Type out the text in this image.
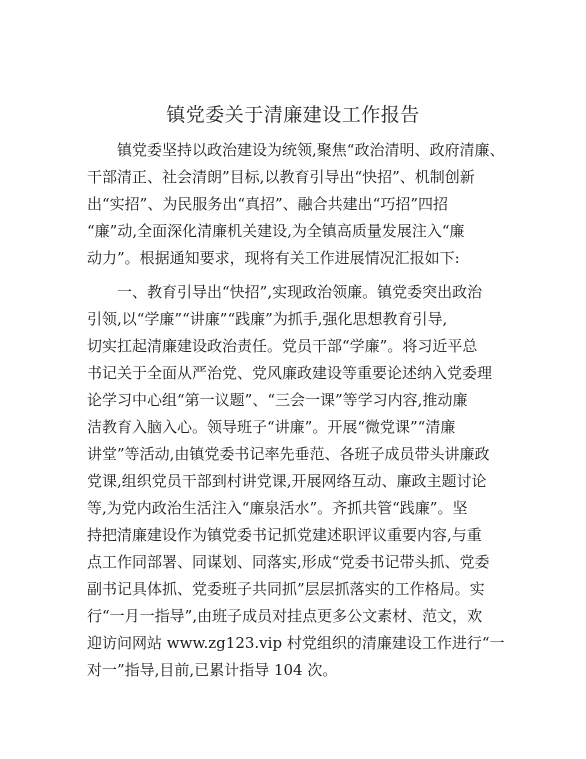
镇党委关于清廉建设工作报告
镇党委坚持以政治建设为统领,聚焦“政治清明、政府清廉、
干部清正、社会清朗”目标,以教育引导出“快招”、机制创新
出“实招”、为民服务出“真招”、融合共建出“巧招”四招
“廉”动,全面深化清廉机关建设,为全镇高质量发展注入“廉
动力”。根据通知要求，现将有关工作进展情况汇报如下:
一、教育引导出“快招”,实现政治领廉。镇党委突出政治
引领,以“学廉”“讲廉”“践廉”为抓手,强化思想教育引导,
切实扛起清廉建设政治责任。党员干部“学廉”。将习近平总
书记关于全面从严治党、党风廉政建设等重要论述纳入党委理
论学习中心组“第一议题”、“三会一课”等学习内容,推动廉
洁教育入脑入心。领导班子“讲廉”。开展“微党课”“清廉
讲堂”等活动,由镇党委书记率先垂范、各班子成员带头讲廉政
党课,组织党员干部到村讲党课,开展网络互动、廉政主题讨论
等,为党内政治生活注入“廉泉活水”。齐抓共管“践廉”。坚
持把清廉建设作为镇党委书记抓党建述职评议重要内容,与重
点工作同部署、同谋划、同落实,形成“党委书记带头抓、党委
副书记具体抓、党委班子共同抓”层层抓落实的工作格局。实
行“一月一指导”,由班子成员对挂点更多公文素材、范文，欢
迎访问网站 www.zg123.vip 村党组织的清廉建设工作进行“一
对一”指导,目前,已累计指导 104 次。
